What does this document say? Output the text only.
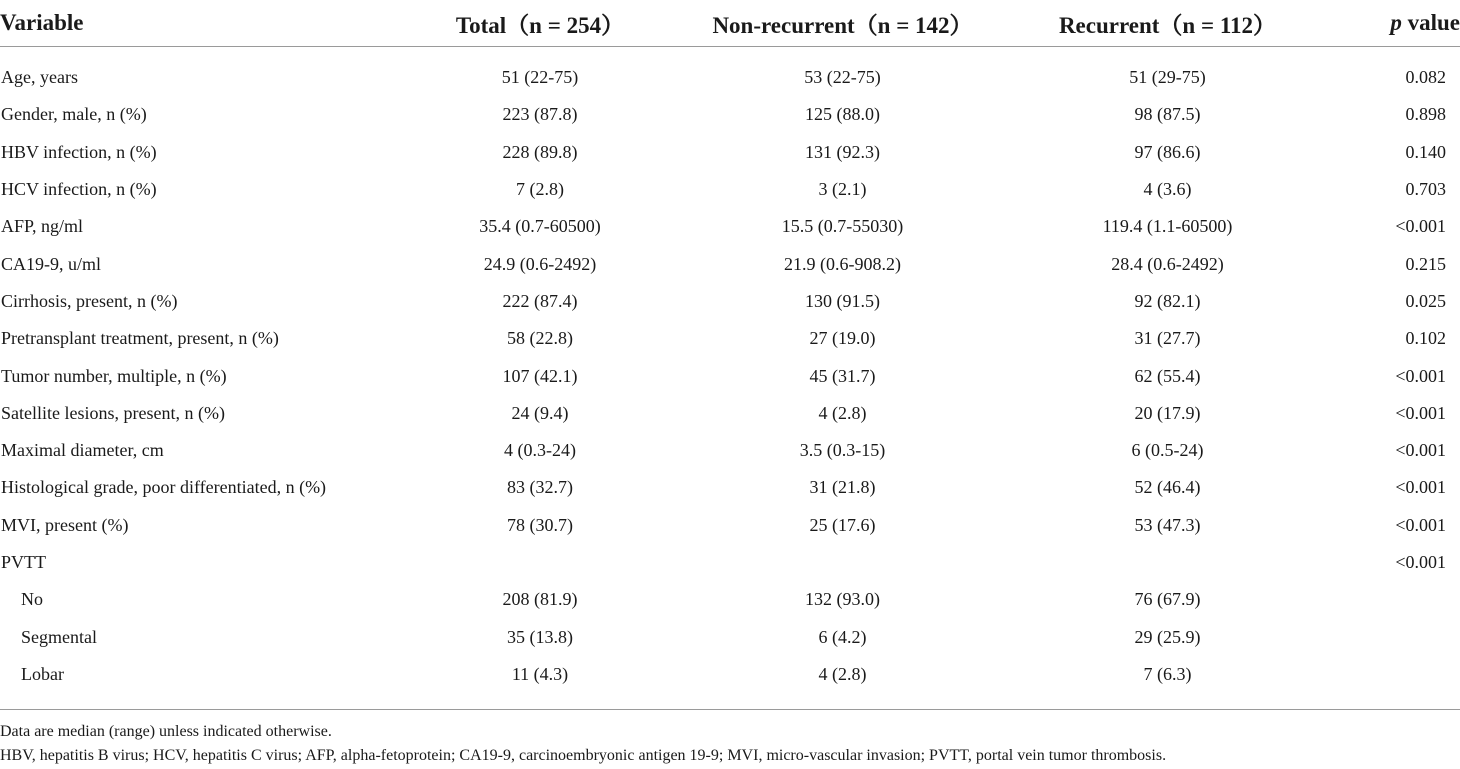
Variable	Total（n = 254）	Non-recurrent（n = 142）	Recurrent（n = 112）	p value

Age, years	51 (22-75)	53 (22-75)	51 (29-75)	0.082
Gender, male, n (%)	223 (87.8)	125 (88.0)	98 (87.5)	0.898
HBV infection, n (%)	228 (89.8)	131 (92.3)	97 (86.6)	0.140
HCV infection, n (%)	7 (2.8)	3 (2.1)	4 (3.6)	0.703
AFP, ng/ml	35.4 (0.7-60500)	15.5 (0.7-55030)	119.4 (1.1-60500)	<0.001
CA19-9, u/ml	24.9 (0.6-2492)	21.9 (0.6-908.2)	28.4 (0.6-2492)	0.215
Cirrhosis, present, n (%)	222 (87.4)	130 (91.5)	92 (82.1)	0.025
Pretransplant treatment, present, n (%)	58 (22.8)	27 (19.0)	31 (27.7)	0.102
Tumor number, multiple, n (%)	107 (42.1)	45 (31.7)	62 (55.4)	<0.001
Satellite lesions, present, n (%)	24 (9.4)	4 (2.8)	20 (17.9)	<0.001
Maximal diameter, cm	4 (0.3-24)	3.5 (0.3-15)	6 (0.5-24)	<0.001
Histological grade, poor differentiated, n (%)	83 (32.7)	31 (21.8)	52 (46.4)	<0.001
MVI, present (%)	78 (30.7)	25 (17.6)	53 (47.3)	<0.001
PVTT				<0.001
No	208 (81.9)	132 (93.0)	76 (67.9)	
Segmental	35 (13.8)	6 (4.2)	29 (25.9)	
Lobar	11 (4.3)	4 (2.8)	7 (6.3)	
Data are median (range) unless indicated otherwise.
HBV, hepatitis B virus; HCV, hepatitis C virus; AFP, alpha-fetoprotein; CA19-9, carcinoembryonic antigen 19-9; MVI, micro-vascular invasion; PVTT, portal vein tumor thrombosis.
